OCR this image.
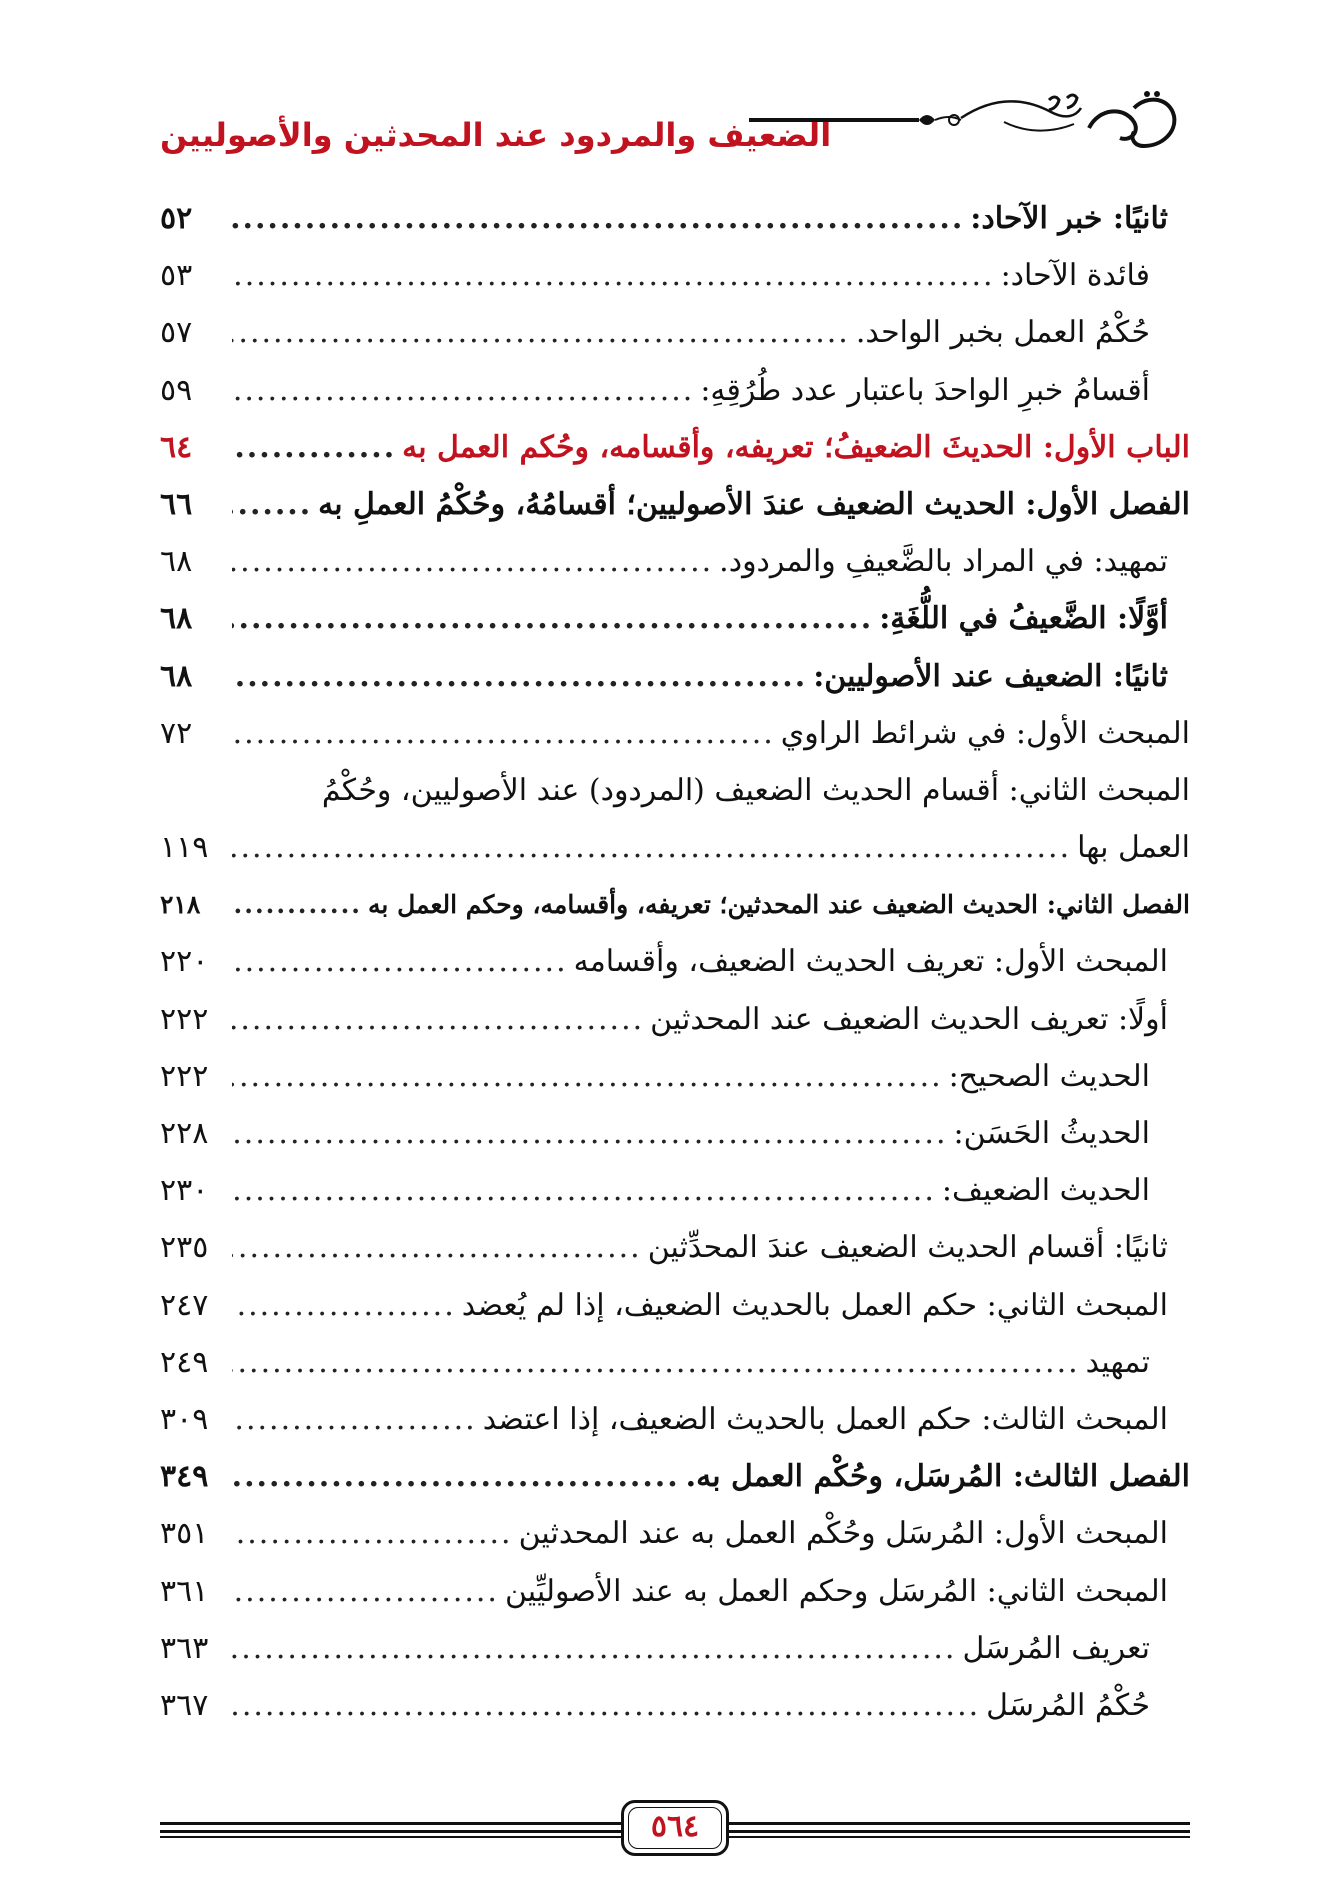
الضعيف والمردود عند المحدثين والأصوليين
ثانيًا: خبر الآحاد:
.....
٥٢
فائدة الآحاد:
.....
٥٣
حُكْمُ العمل بخبر الواحد.
.....
٥٧
أقسامُ خبرِ الواحدَ باعتبار عدد طُرُقِهِ:
.....
٥٩
الباب الأول: الحديثَ الضعيفُ؛ تعريفه، وأقسامه، وحُكم العمل به
.....
٦٤
الفصل الأول: الحديث الضعيف عندَ الأصوليين؛ أقسامُهُ، وحُكْمُ العملِ به
.....
٦٦
تمهيد: في المراد بالضَّعيفِ والمردود.
.....
٦٨
أوَّلًا: الضَّعيفُ في اللُّغَةِ:
.....
٦٨
ثانيًا: الضعيف عند الأصوليين:
.....
٦٨
المبحث الأول: في شرائط الراوي
.....
٧٢
المبحث الثاني: أقسام الحديث الضعيف (المردود) عند الأصوليين، وحُكْمُ
العمل بها
.....
١١٩
الفصل الثاني: الحديث الضعيف عند المحدثين؛ تعريفه، وأقسامه، وحكم العمل به
.....
٢١٨
المبحث الأول: تعريف الحديث الضعيف، وأقسامه
.....
٢٢٠
أولًا: تعريف الحديث الضعيف عند المحدثين
.....
٢٢٢
الحديث الصحيح:
.....
٢٢٢
الحديثُ الحَسَن:
.....
٢٢٨
الحديث الضعيف:
.....
٢٣٠
ثانيًا: أقسام الحديث الضعيف عندَ المحدِّثين
.....
٢٣٥
المبحث الثاني: حكم العمل بالحديث الضعيف، إذا لم يُعضد
.....
٢٤٧
تمهيد
.....
٢٤٩
المبحث الثالث: حكم العمل بالحديث الضعيف، إذا اعتضد
.....
٣٠٩
الفصل الثالث: المُرسَل، وحُكْم العمل به.
.....
٣٤٩
المبحث الأول: المُرسَل وحُكْم العمل به عند المحدثين
.....
٣٥١
المبحث الثاني: المُرسَل وحكم العمل به عند الأصوليِّين
.....
٣٦١
تعريف المُرسَل
.....
٣٦٣
حُكْمُ المُرسَل
.....
٣٦٧
٥٦٤
